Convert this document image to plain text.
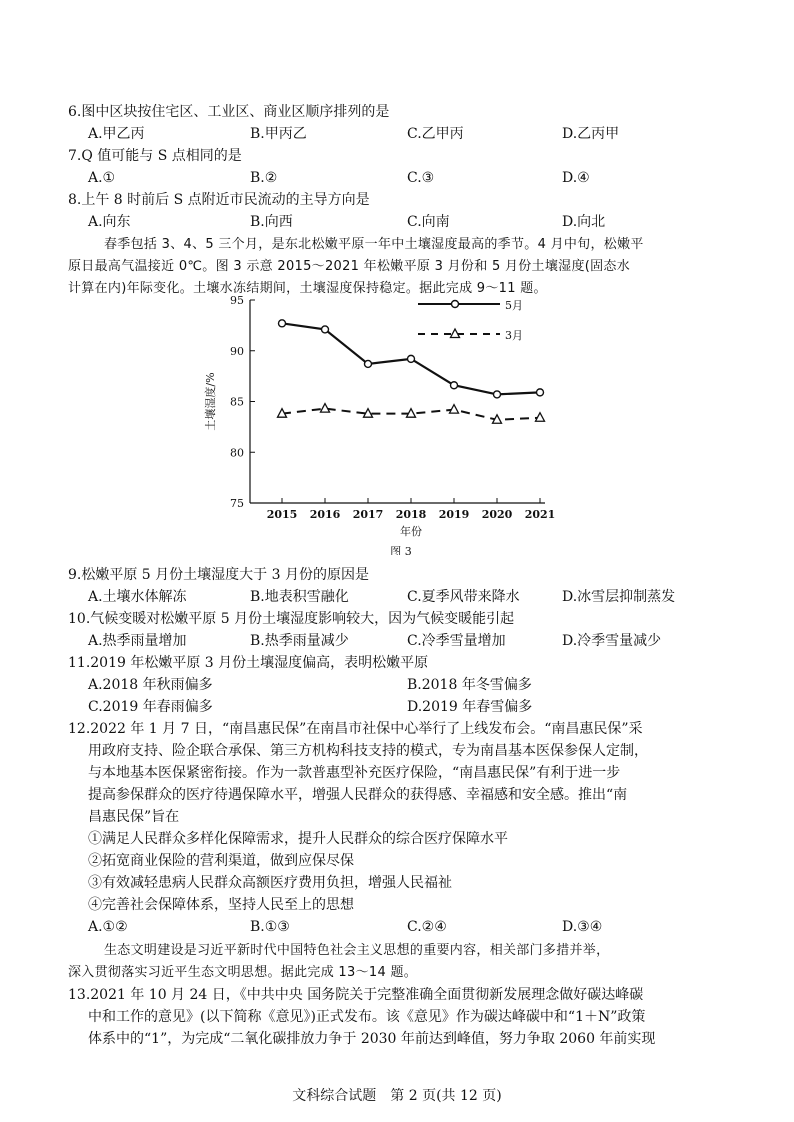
6.图中区块按住宅区、工业区、商业区顺序排列的是
A.甲乙丙	B.甲丙乙	C.乙甲丙	D.乙丙甲
7.Q 值可能与 S 点相同的是
A.①	B.②	C.③	D.④
8.上午 8 时前后 S 点附近市民流动的主导方向是
A.向东	B.向西	C.向南	D.向北
春季包括 3、4、5 三个月，是东北松嫩平原一年中土壤湿度最高的季节。4 月中旬，松嫩平
原日最高气温接近 0℃。图 3 示意 2015～2021 年松嫩平原 3 月份和 5 月份土壤湿度(固态水
计算在内)年际变化。土壤水冻结期间，土壤湿度保持稳定。据此完成 9～11 题。
75
80
85
90
95
2015 2016 2017 2018 2019 2020 2021
年份
土壤湿度/%
图 3
5月
3月
9.松嫩平原 5 月份土壤湿度大于 3 月份的原因是
A.土壤水体解冻	B.地表积雪融化	C.夏季风带来降水	D.冰雪层抑制蒸发
10.气候变暖对松嫩平原 5 月份土壤湿度影响较大，因为气候变暖能引起
A.热季雨量增加	B.热季雨量减少	C.冷季雪量增加	D.冷季雪量减少
11.2019 年松嫩平原 3 月份土壤湿度偏高，表明松嫩平原
A.2018 年秋雨偏多	B.2018 年冬雪偏多
C.2019 年春雨偏多	D.2019 年春雪偏多
12.2022 年 1 月 7 日，“南昌惠民保”在南昌市社保中心举行了上线发布会。“南昌惠民保”采
用政府支持、险企联合承保、第三方机构科技支持的模式，专为南昌基本医保参保人定制，
与本地基本医保紧密衔接。作为一款普惠型补充医疗保险，“南昌惠民保”有利于进一步
提高参保群众的医疗待遇保障水平，增强人民群众的获得感、幸福感和安全感。推出“南
昌惠民保”旨在
①满足人民群众多样化保障需求，提升人民群众的综合医疗保障水平
②拓宽商业保险的营利渠道，做到应保尽保
③有效减轻患病人民群众高额医疗费用负担，增强人民福祉
④完善社会保障体系，坚持人民至上的思想
A.①②	B.①③	C.②④	D.③④
生态文明建设是习近平新时代中国特色社会主义思想的重要内容，相关部门多措并举，
深入贯彻落实习近平生态文明思想。据此完成 13～14 题。
13.2021 年 10 月 24 日，《中共中央 国务院关于完整准确全面贯彻新发展理念做好碳达峰碳
中和工作的意见》(以下简称《意见》)正式发布。该《意见》作为碳达峰碳中和“1＋N”政策
体系中的“1”，为完成“二氧化碳排放力争于 2030 年前达到峰值，努力争取 2060 年前实现
文科综合试题　第 2 页(共 12 页)
